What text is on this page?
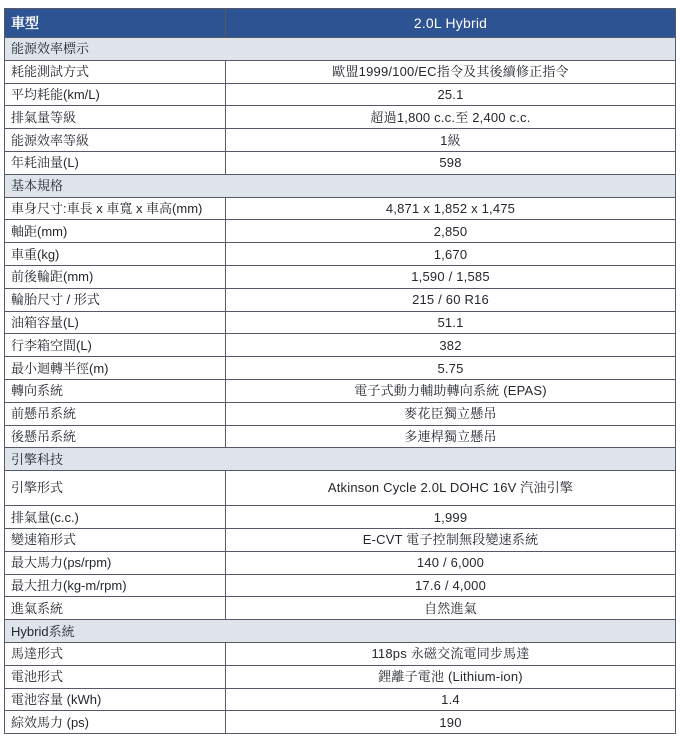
車型	2.0L Hybrid
能源效率標示	
耗能測試方式	歐盟1999/100/EC指令及其後續修正指令
平均耗能(km/L)	25.1
排氣量等級	超過1,800 c.c.至 2,400 c.c.
能源效率等級	1級
年耗油量(L)	598
基本規格	
車身尺寸:車長 x 車寬 x 車高(mm)	4,871 x 1,852 x 1,475
軸距(mm)	2,850
車重(kg)	1,670
前後輪距(mm)	1,590 / 1,585
輪胎尺寸 / 形式	215 / 60 R16
油箱容量(L)	51.1
行李箱空間(L)	382
最小迴轉半徑(m)	5.75
轉向系統	電子式動力輔助轉向系統 (EPAS)
前懸吊系統	麥花臣獨立懸吊
後懸吊系統	多連桿獨立懸吊
引擎科技	
引擎形式	Atkinson Cycle 2.0L DOHC 16V 汽油引擎
排氣量(c.c.)	1,999
變速箱形式	E-CVT 電子控制無段變速系統
最大馬力(ps/rpm)	140 / 6,000
最大扭力(kg-m/rpm)	17.6 / 4,000
進氣系統	自然進氣
Hybrid系統	
馬達形式	118ps 永磁交流電同步馬達
電池形式	鋰離子電池 (Lithium-ion)
電池容量 (kWh)	1.4
綜效馬力 (ps)	190
